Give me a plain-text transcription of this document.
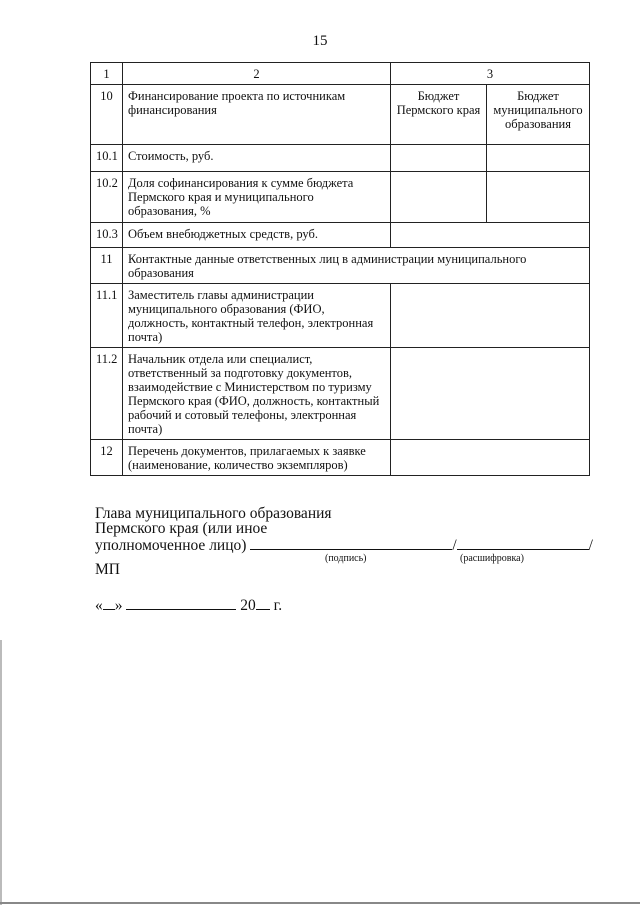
15
1	2	3	
10	Финансирование проекта по источникам финансирования	Бюджет Пермского края	Бюджет муниципального образования
10.1	Стоимость, руб.		
10.2	Доля софинансирования к сумме бюджета Пермского края и муниципального образования, %		
10.3	Объем внебюджетных средств, руб.		
11	Контактные данные ответственных лиц в администрации муниципального образования		
11.1	Заместитель главы администрации муниципального образования (ФИО, должность, контактный телефон, электронная почта)		
11.2	Начальник отдела или специалист, ответственный за подготовку документов, взаимодействие с Министерством по туризму Пермского края (ФИО, должность, контактный рабочий и сотовый телефоны, электронная почта)		
12	Перечень документов, прилагаемых к заявке (наименование, количество экземпляров)		
Глава муниципального образования
Пермского края (или иное
уполномоченное лицо)	/	/
(подпись)	(расшифровка)
МП
« »	20 г.
